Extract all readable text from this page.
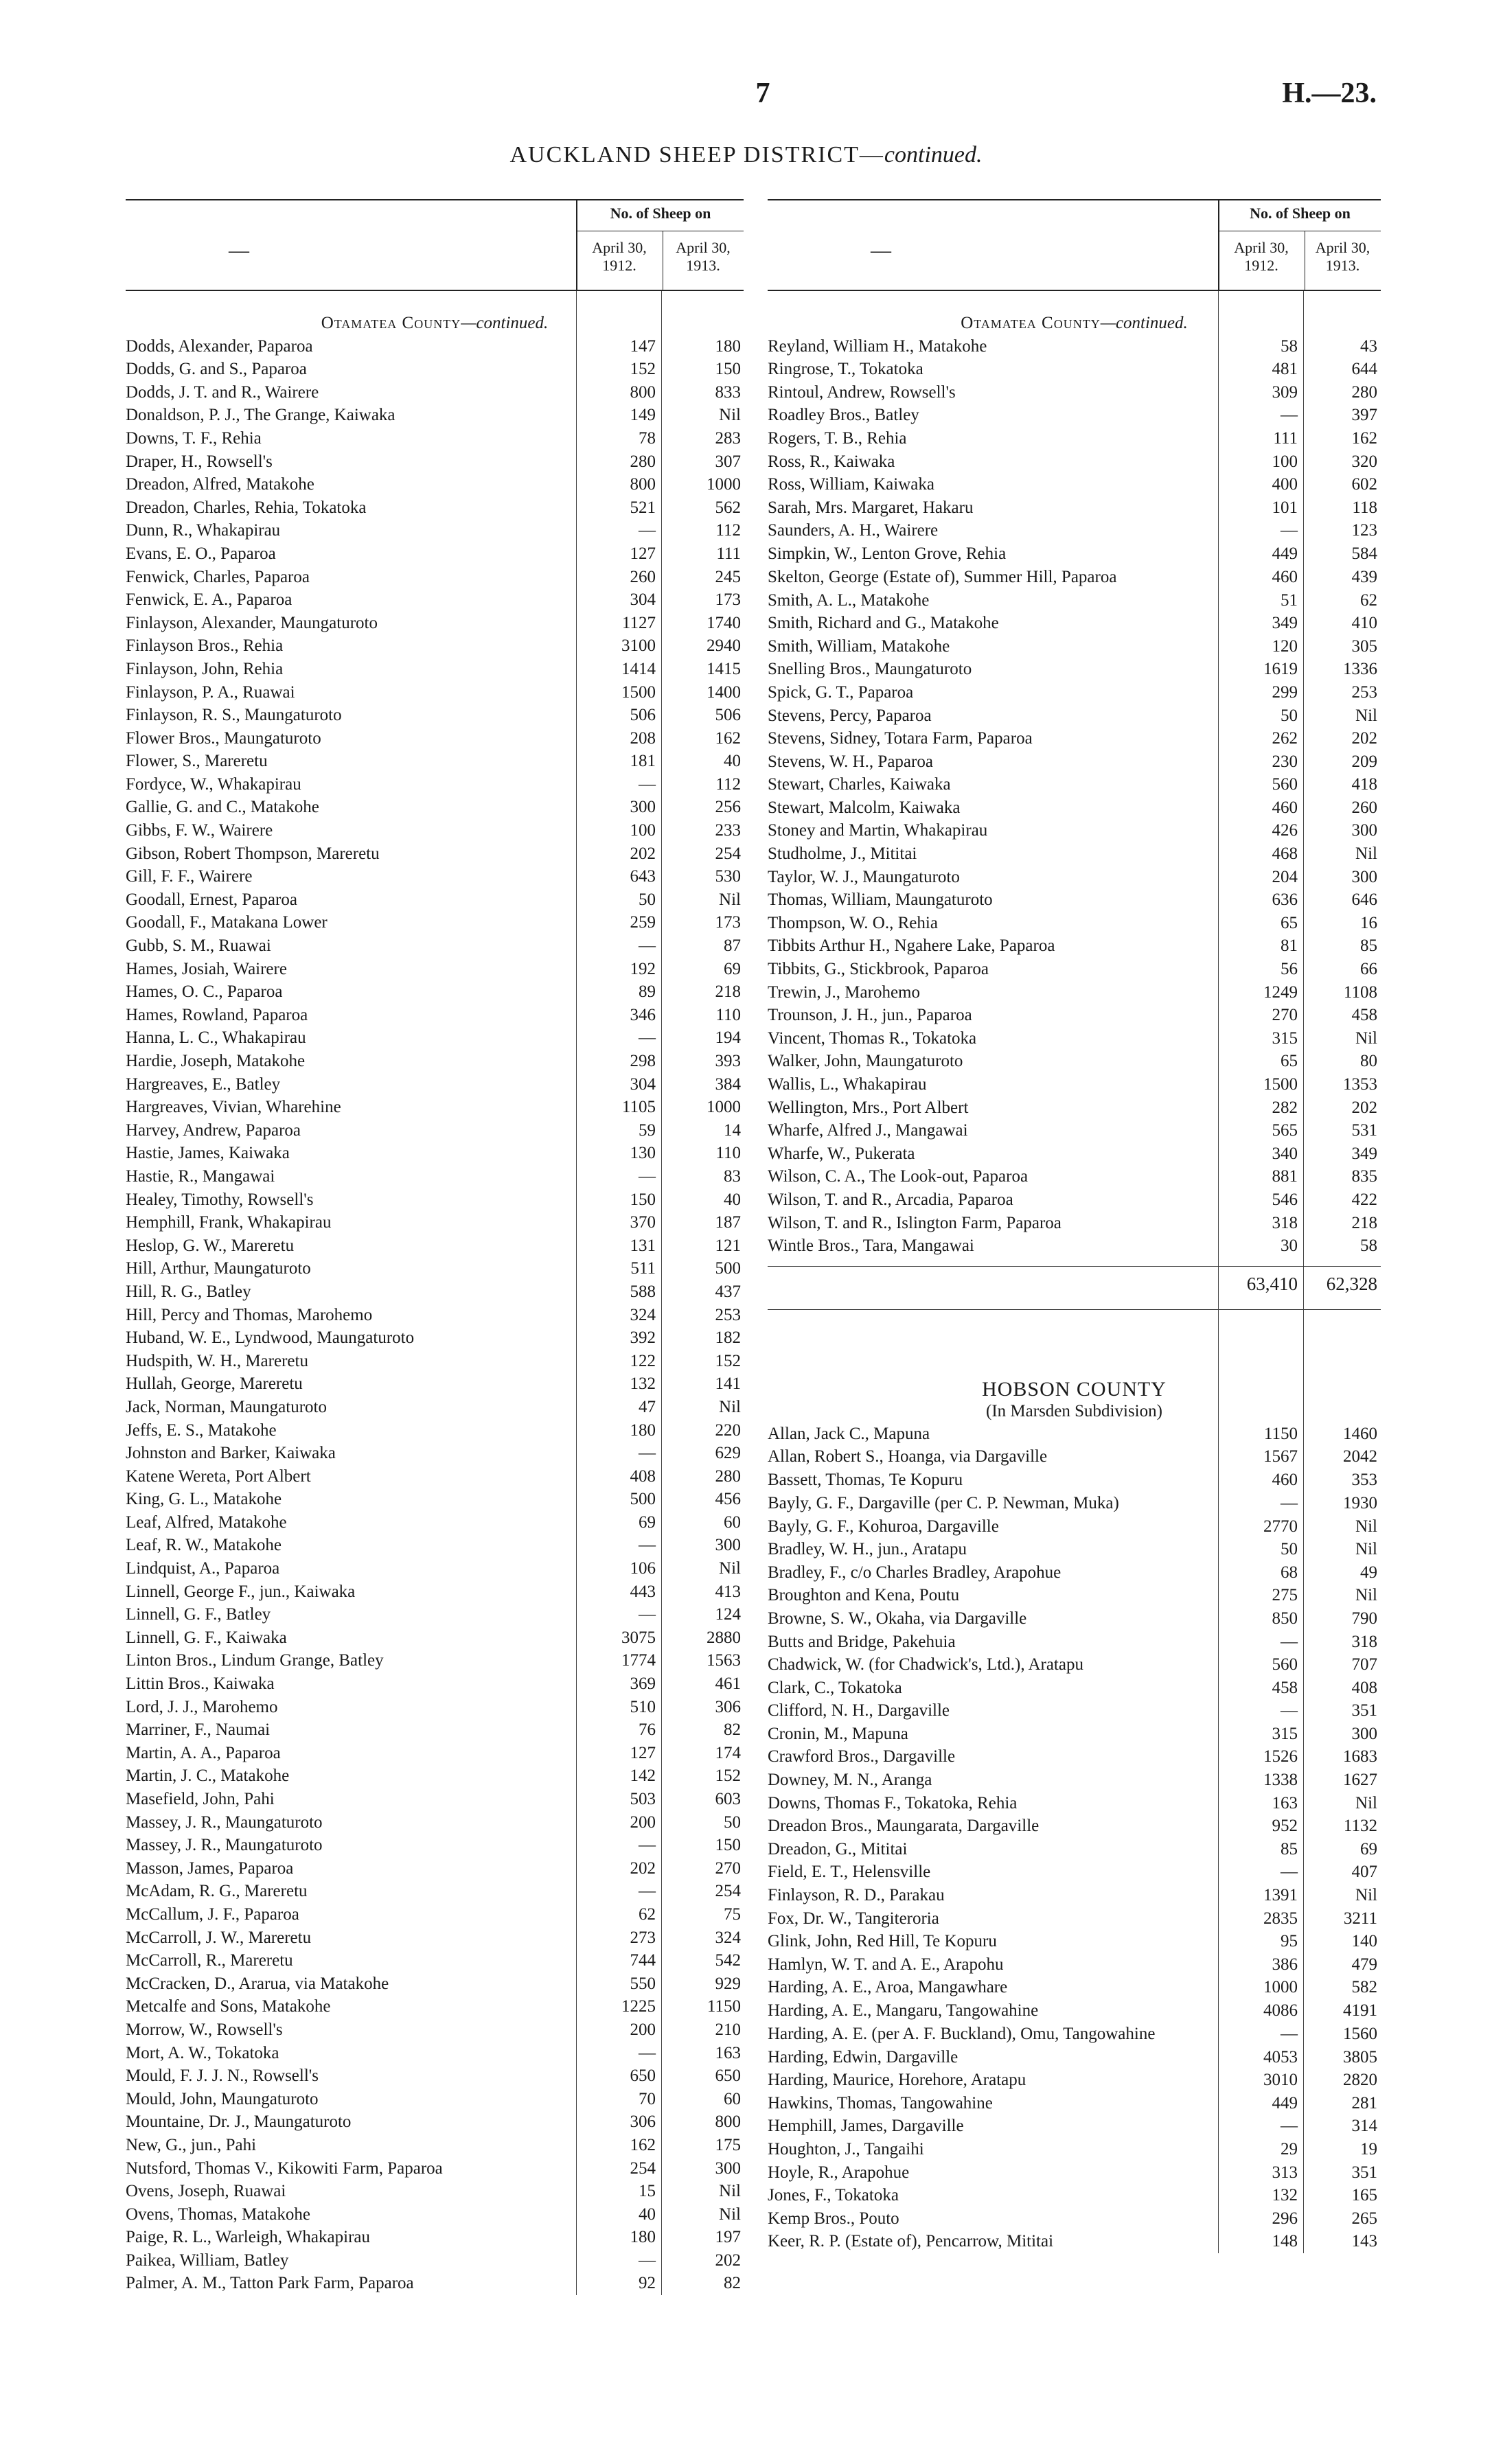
7	H.—23.
AUCKLAND SHEEP DISTRICT—continued.
—
No. of Sheep on
April 30, 1912.
April 30, 1913.
Otamatea County—continued.
Dodds, Alexander, Paparoa	147	180
Dodds, G. and S., Paparoa	152	150
Dodds, J. T. and R., Wairere	800	833
Donaldson, P. J., The Grange, Kaiwaka	149	Nil
Downs, T. F., Rehia	78	283
Draper, H., Rowsell's	280	307
Dreadon, Alfred, Matakohe	800	1000
Dreadon, Charles, Rehia, Tokatoka	521	562
Dunn, R., Whakapirau	—	112
Evans, E. O., Paparoa	127	111
Fenwick, Charles, Paparoa	260	245
Fenwick, E. A., Paparoa	304	173
Finlayson, Alexander, Maungaturoto	1127	1740
Finlayson Bros., Rehia	3100	2940
Finlayson, John, Rehia	1414	1415
Finlayson, P. A., Ruawai	1500	1400
Finlayson, R. S., Maungaturoto	506	506
Flower Bros., Maungaturoto	208	162
Flower, S., Mareretu	181	40
Fordyce, W., Whakapirau	—	112
Gallie, G. and C., Matakohe	300	256
Gibbs, F. W., Wairere	100	233
Gibson, Robert Thompson, Mareretu	202	254
Gill, F. F., Wairere	643	530
Goodall, Ernest, Paparoa	50	Nil
Goodall, F., Matakana Lower	259	173
Gubb, S. M., Ruawai	—	87
Hames, Josiah, Wairere	192	69
Hames, O. C., Paparoa	89	218
Hames, Rowland, Paparoa	346	110
Hanna, L. C., Whakapirau	—	194
Hardie, Joseph, Matakohe	298	393
Hargreaves, E., Batley	304	384
Hargreaves, Vivian, Wharehine	1105	1000
Harvey, Andrew, Paparoa	59	14
Hastie, James, Kaiwaka	130	110
Hastie, R., Mangawai	—	83
Healey, Timothy, Rowsell's	150	40
Hemphill, Frank, Whakapirau	370	187
Heslop, G. W., Mareretu	131	121
Hill, Arthur, Maungaturoto	511	500
Hill, R. G., Batley	588	437
Hill, Percy and Thomas, Marohemo	324	253
Huband, W. E., Lyndwood, Maungaturoto	392	182
Hudspith, W. H., Mareretu	122	152
Hullah, George, Mareretu	132	141
Jack, Norman, Maungaturoto	47	Nil
Jeffs, E. S., Matakohe	180	220
Johnston and Barker, Kaiwaka	—	629
Katene Wereta, Port Albert	408	280
King, G. L., Matakohe	500	456
Leaf, Alfred, Matakohe	69	60
Leaf, R. W., Matakohe	—	300
Lindquist, A., Paparoa	106	Nil
Linnell, George F., jun., Kaiwaka	443	413
Linnell, G. F., Batley	—	124
Linnell, G. F., Kaiwaka	3075	2880
Linton Bros., Lindum Grange, Batley	1774	1563
Littin Bros., Kaiwaka	369	461
Lord, J. J., Marohemo	510	306
Marriner, F., Naumai	76	82
Martin, A. A., Paparoa	127	174
Martin, J. C., Matakohe	142	152
Masefield, John, Pahi	503	603
Massey, J. R., Maungaturoto	200	50
Massey, J. R., Maungaturoto	—	150
Masson, James, Paparoa	202	270
McAdam, R. G., Mareretu	—	254
McCallum, J. F., Paparoa	62	75
McCarroll, J. W., Mareretu	273	324
McCarroll, R., Mareretu	744	542
McCracken, D., Ararua, via Matakohe	550	929
Metcalfe and Sons, Matakohe	1225	1150
Morrow, W., Rowsell's	200	210
Mort, A. W., Tokatoka	—	163
Mould, F. J. J. N., Rowsell's	650	650
Mould, John, Maungaturoto	70	60
Mountaine, Dr. J., Maungaturoto	306	800
New, G., jun., Pahi	162	175
Nutsford, Thomas V., Kikowiti Farm, Paparoa	254	300
Ovens, Joseph, Ruawai	15	Nil
Ovens, Thomas, Matakohe	40	Nil
Paige, R. L., Warleigh, Whakapirau	180	197
Paikea, William, Batley	—	202
Palmer, A. M., Tatton Park Farm, Paparoa	92	82
—
No. of Sheep on
April 30, 1912.
April 30, 1913.
Otamatea County—continued.
Reyland, William H., Matakohe	58	43
Ringrose, T., Tokatoka	481	644
Rintoul, Andrew, Rowsell's	309	280
Roadley Bros., Batley	—	397
Rogers, T. B., Rehia	111	162
Ross, R., Kaiwaka	100	320
Ross, William, Kaiwaka	400	602
Sarah, Mrs. Margaret, Hakaru	101	118
Saunders, A. H., Wairere	—	123
Simpkin, W., Lenton Grove, Rehia	449	584
Skelton, George (Estate of), Summer Hill, Paparoa	460	439
Smith, A. L., Matakohe	51	62
Smith, Richard and G., Matakohe	349	410
Smith, William, Matakohe	120	305
Snelling Bros., Maungaturoto	1619	1336
Spick, G. T., Paparoa	299	253
Stevens, Percy, Paparoa	50	Nil
Stevens, Sidney, Totara Farm, Paparoa	262	202
Stevens, W. H., Paparoa	230	209
Stewart, Charles, Kaiwaka	560	418
Stewart, Malcolm, Kaiwaka	460	260
Stoney and Martin, Whakapirau	426	300
Studholme, J., Mititai	468	Nil
Taylor, W. J., Maungaturoto	204	300
Thomas, William, Maungaturoto	636	646
Thompson, W. O., Rehia	65	16
Tibbits Arthur H., Ngahere Lake, Paparoa	81	85
Tibbits, G., Stickbrook, Paparoa	56	66
Trewin, J., Marohemo	1249	1108
Trounson, J. H., jun., Paparoa	270	458
Vincent, Thomas R., Tokatoka	315	Nil
Walker, John, Maungaturoto	65	80
Wallis, L., Whakapirau	1500	1353
Wellington, Mrs., Port Albert	282	202
Wharfe, Alfred J., Mangawai	565	531
Wharfe, W., Pukerata	340	349
Wilson, C. A., The Look-out, Paparoa	881	835
Wilson, T. and R., Arcadia, Paparoa	546	422
Wilson, T. and R., Islington Farm, Paparoa	318	218
Wintle Bros., Tara, Mangawai	30	58
63,410	62,328
HOBSON COUNTY
(In Marsden Subdivision)
Allan, Jack C., Mapuna	1150	1460
Allan, Robert S., Hoanga, via Dargaville	1567	2042
Bassett, Thomas, Te Kopuru	460	353
Bayly, G. F., Dargaville (per C. P. Newman, Muka)	—	1930
Bayly, G. F., Kohuroa, Dargaville	2770	Nil
Bradley, W. H., jun., Aratapu	50	Nil
Bradley, F., c/o Charles Bradley, Arapohue	68	49
Broughton and Kena, Poutu	275	Nil
Browne, S. W., Okaha, via Dargaville	850	790
Butts and Bridge, Pakehuia	—	318
Chadwick, W. (for Chadwick's, Ltd.), Aratapu	560	707
Clark, C., Tokatoka	458	408
Clifford, N. H., Dargaville	—	351
Cronin, M., Mapuna	315	300
Crawford Bros., Dargaville	1526	1683
Downey, M. N., Aranga	1338	1627
Downs, Thomas F., Tokatoka, Rehia	163	Nil
Dreadon Bros., Maungarata, Dargaville	952	1132
Dreadon, G., Mititai	85	69
Field, E. T., Helensville	—	407
Finlayson, R. D., Parakau	1391	Nil
Fox, Dr. W., Tangiteroria	2835	3211
Glink, John, Red Hill, Te Kopuru	95	140
Hamlyn, W. T. and A. E., Arapohu	386	479
Harding, A. E., Aroa, Mangawhare	1000	582
Harding, A. E., Mangaru, Tangowahine	4086	4191
Harding, A. E. (per A. F. Buckland), Omu, Tangowahine	—	1560
Harding, Edwin, Dargaville	4053	3805
Harding, Maurice, Horehore, Aratapu	3010	2820
Hawkins, Thomas, Tangowahine	449	281
Hemphill, James, Dargaville	—	314
Houghton, J., Tangaihi	29	19
Hoyle, R., Arapohue	313	351
Jones, F., Tokatoka	132	165
Kemp Bros., Pouto	296	265
Keer, R. P. (Estate of), Pencarrow, Mititai	148	143
